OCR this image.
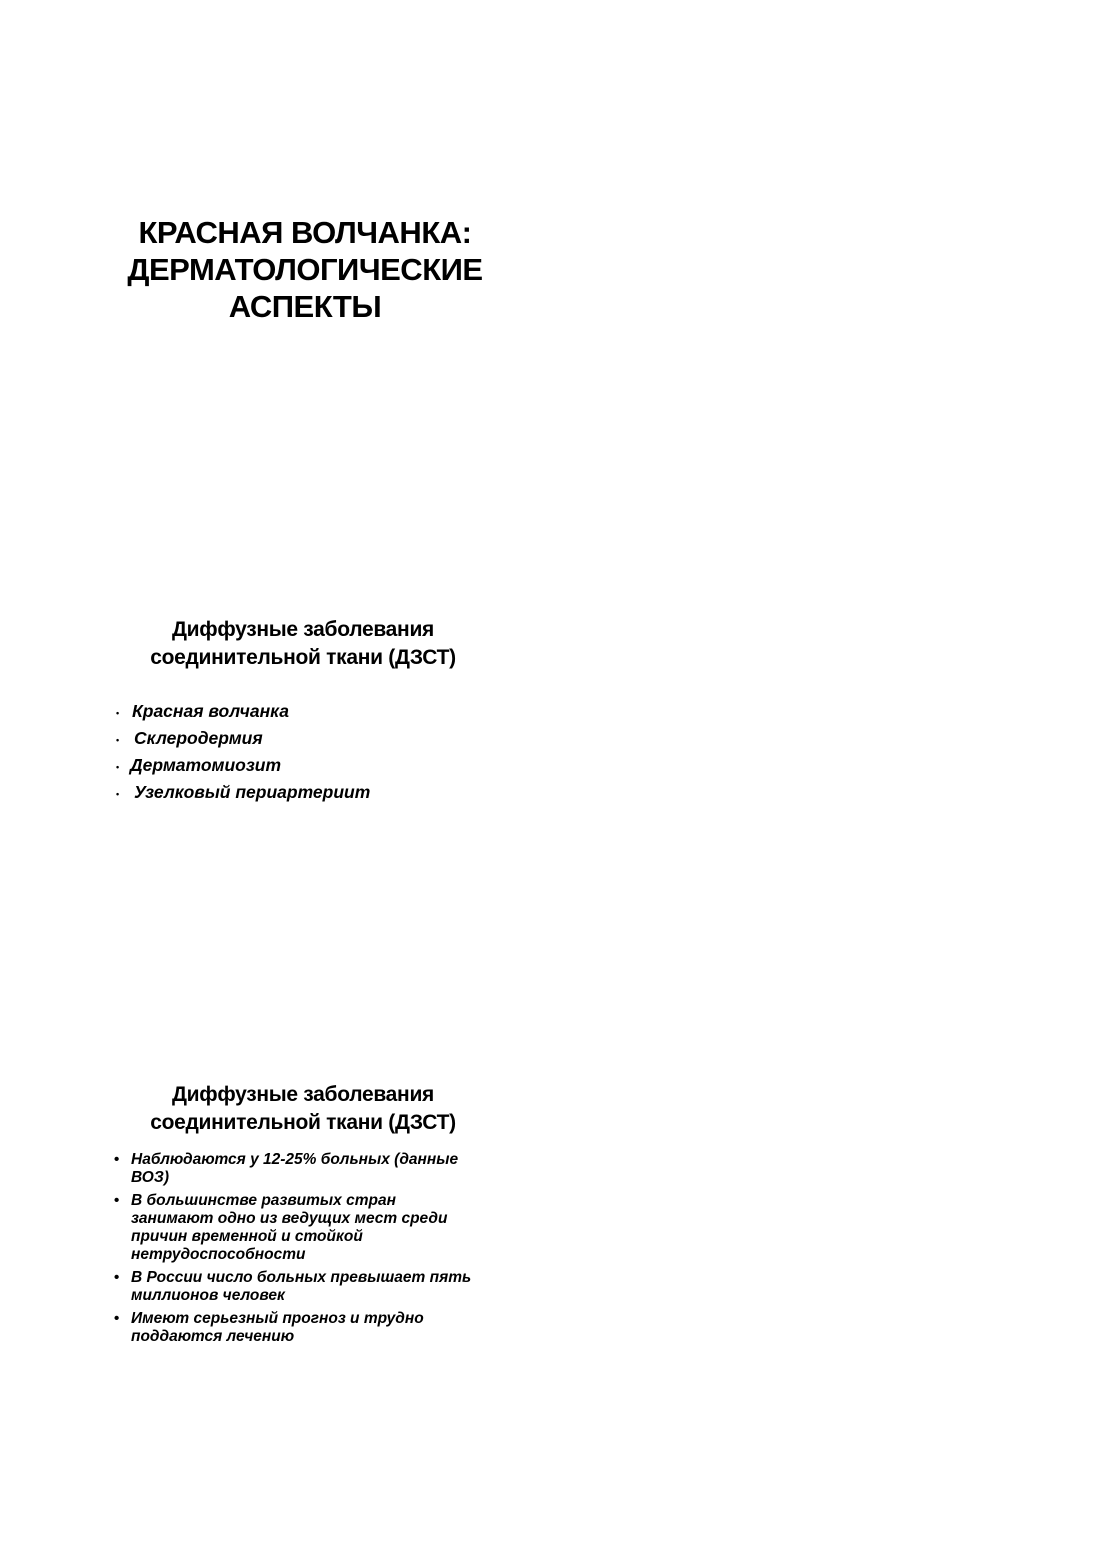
КРАСНАЯ ВОЛЧАНКА:
ДЕРМАТОЛОГИЧЕСКИЕ
АСПЕКТЫ
Диффузные заболевания
соединительной ткани (ДЗСТ)
• Красная волчанка
• Склеродермия
• Дерматомиозит
• Узелковый периартериит
Диффузные заболевания
соединительной ткани (ДЗСТ)
• Наблюдаются у 12-25% больных (данные ВОЗ)
• В большинстве развитых стран занимают одно из ведущих мест среди причин временной и стойкой нетрудоспособности
• В России число больных превышает пять миллионов человек
• Имеют серьезный прогноз и трудно поддаются лечению
